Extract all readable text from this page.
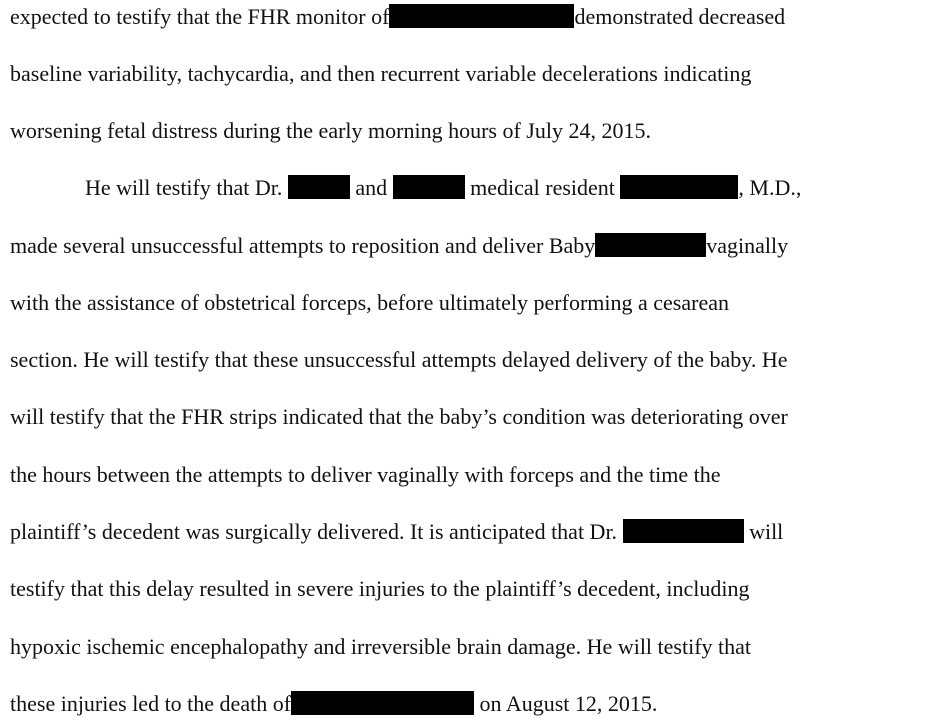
expected to testify that the FHR monitor of	demonstrated decreased
baseline variability, tachycardia, and then recurrent variable decelerations indicating
worsening fetal distress during the early morning hours of July 24, 2015.
He will testify that Dr.	and	medical resident	, M.D.,
made several unsuccessful attempts to reposition and deliver Baby	vaginally
with the assistance of obstetrical forceps, before ultimately performing a cesarean
section. He will testify that these unsuccessful attempts delayed delivery of the baby. He
will testify that the FHR strips indicated that the baby’s condition was deteriorating over
the hours between the attempts to deliver vaginally with forceps and the time the
plaintiff’s decedent was surgically delivered. It is anticipated that Dr.	will
testify that this delay resulted in severe injuries to the plaintiff’s decedent, including
hypoxic ischemic encephalopathy and irreversible brain damage. He will testify that
these injuries led to the death of	on August 12, 2015.
